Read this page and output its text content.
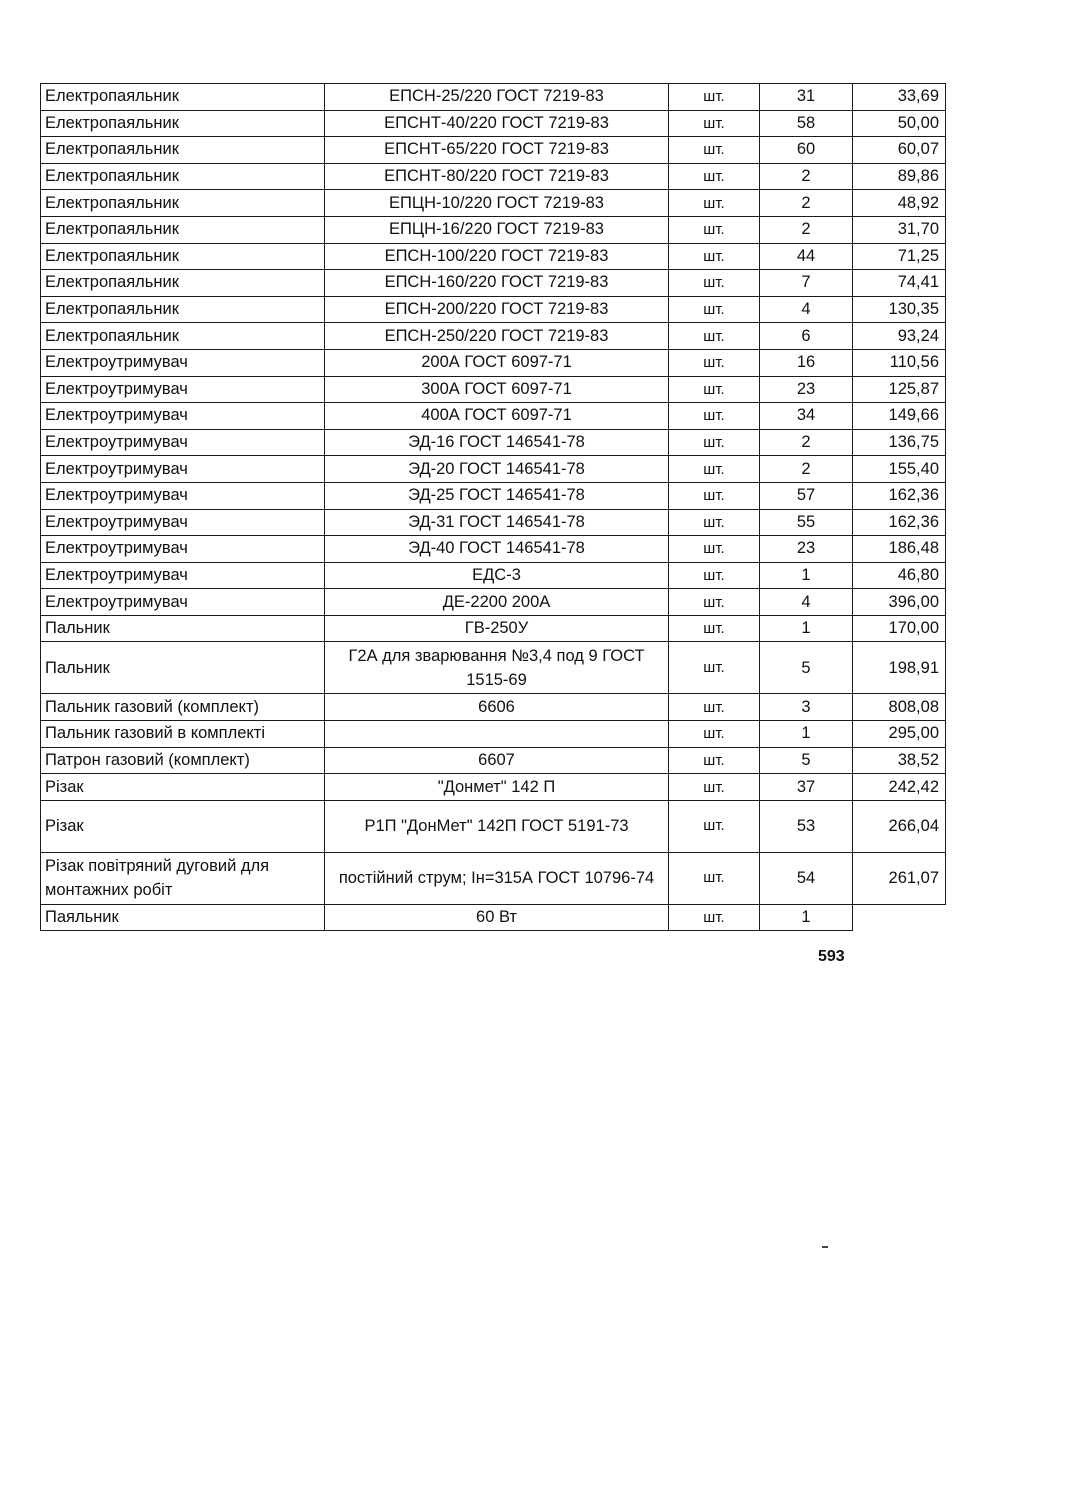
Електропаяльник	ЕПСН-25/220 ГОСТ 7219-83	шт.	31	33,69
Електропаяльник	ЕПСНТ-40/220 ГОСТ 7219-83	шт.	58	50,00
Електропаяльник	ЕПСНТ-65/220 ГОСТ 7219-83	шт.	60	60,07
Електропаяльник	ЕПСНТ-80/220 ГОСТ 7219-83	шт.	2	89,86
Електропаяльник	ЕПЦН-10/220 ГОСТ 7219-83	шт.	2	48,92
Електропаяльник	ЕПЦН-16/220 ГОСТ 7219-83	шт.	2	31,70
Електропаяльник	ЕПСН-100/220 ГОСТ 7219-83	шт.	44	71,25
Електропаяльник	ЕПСН-160/220 ГОСТ 7219-83	шт.	7	74,41
Електропаяльник	ЕПСН-200/220 ГОСТ 7219-83	шт.	4	130,35
Електропаяльник	ЕПСН-250/220 ГОСТ 7219-83	шт.	6	93,24
Електроутримувач	200А ГОСТ 6097-71	шт.	16	110,56
Електроутримувач	300А ГОСТ 6097-71	шт.	23	125,87
Електроутримувач	400А ГОСТ 6097-71	шт.	34	149,66
Електроутримувач	ЭД-16 ГОСТ 146541-78	шт.	2	136,75
Електроутримувач	ЭД-20 ГОСТ 146541-78	шт.	2	155,40
Електроутримувач	ЭД-25 ГОСТ 146541-78	шт.	57	162,36
Електроутримувач	ЭД-31 ГОСТ 146541-78	шт.	55	162,36
Електроутримувач	ЭД-40 ГОСТ 146541-78	шт.	23	186,48
Електроутримувач	ЕДС-3	шт.	1	46,80
Електроутримувач	ДЕ-2200 200А	шт.	4	396,00
Пальник	ГВ-250У	шт.	1	170,00
Пальник	Г2А для зварювання №3,4 под 9 ГОСТ 1515-69	шт.	5	198,91
Пальник газовий (комплект)	6606	шт.	3	808,08
Пальник газовий в комплекті		шт.	1	295,00
Патрон газовий (комплект)	6607	шт.	5	38,52
Різак	"Донмет" 142 П	шт.	37	242,42
Різак	Р1П "ДонМет" 142П ГОСТ 5191-73	шт.	53	266,04
Різак повітряний дуговий для монтажних робіт	постійний струм; Ін=315А ГОСТ 10796-74	шт.	54	261,07
Паяльник	60 Вт	шт.	1	
593
